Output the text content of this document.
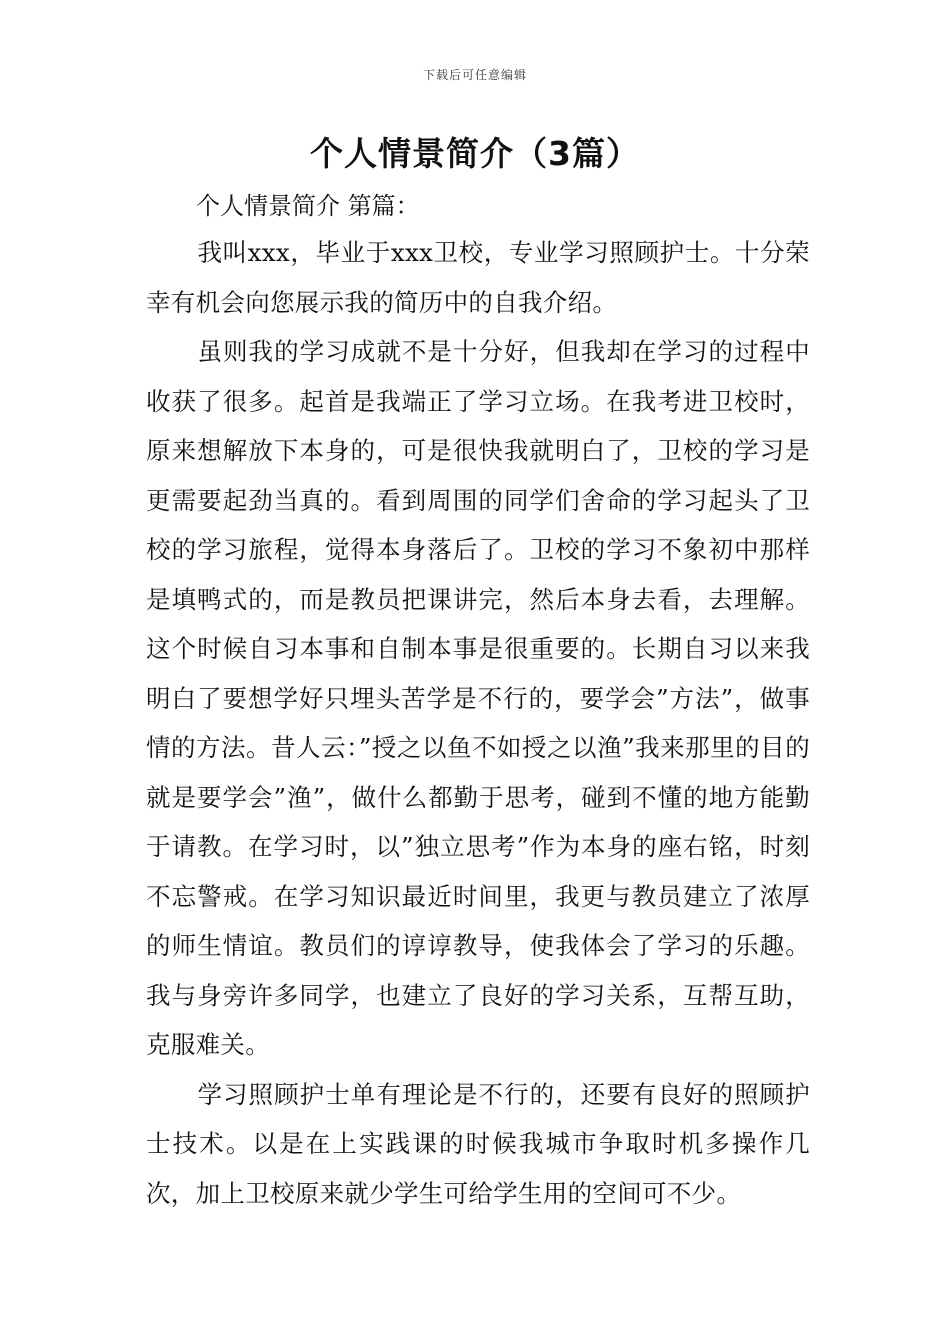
下载后可任意编辑
个人情景简介（3篇）
个人情景简介 第篇：

我叫xxx，毕业于xxx卫校，专业学习照顾护士。十分荣幸有机会向您展示我的简历中的自我介绍。

虽则我的学习成就不是十分好，但我却在学习的过程中收获了很多。起首是我端正了学习立场。在我考进卫校时，原来想解放下本身的，可是很快我就明白了，卫校的学习是更需要起劲当真的。看到周围的同学们舍命的学习起头了卫校的学习旅程，觉得本身落后了。卫校的学习不象初中那样是填鸭式的，而是教员把课讲完，然后本身去看，去理解。这个时候自习本事和自制本事是很重要的。长期自习以来我明白了要想学好只埋头苦学是不行的，要学会”方法”，做事情的方法。昔人云：”授之以鱼不如授之以渔”我来那里的目的就是要学会”渔”，做什么都勤于思考，碰到不懂的地方能勤于请教。在学习时，以”独立思考”作为本身的座右铭，时刻不忘警戒。在学习知识最近时间里，我更与教员建立了浓厚的师生情谊。教员们的谆谆教导，使我体会了学习的乐趣。我与身旁许多同学，也建立了良好的学习关系，互帮互助，克服难关。

学习照顾护士单有理论是不行的，还要有良好的照顾护士技术。以是在上实践课的时候我城市争取时机多操作几次，加上卫校原来就少学生可给学生用的空间可不少。
